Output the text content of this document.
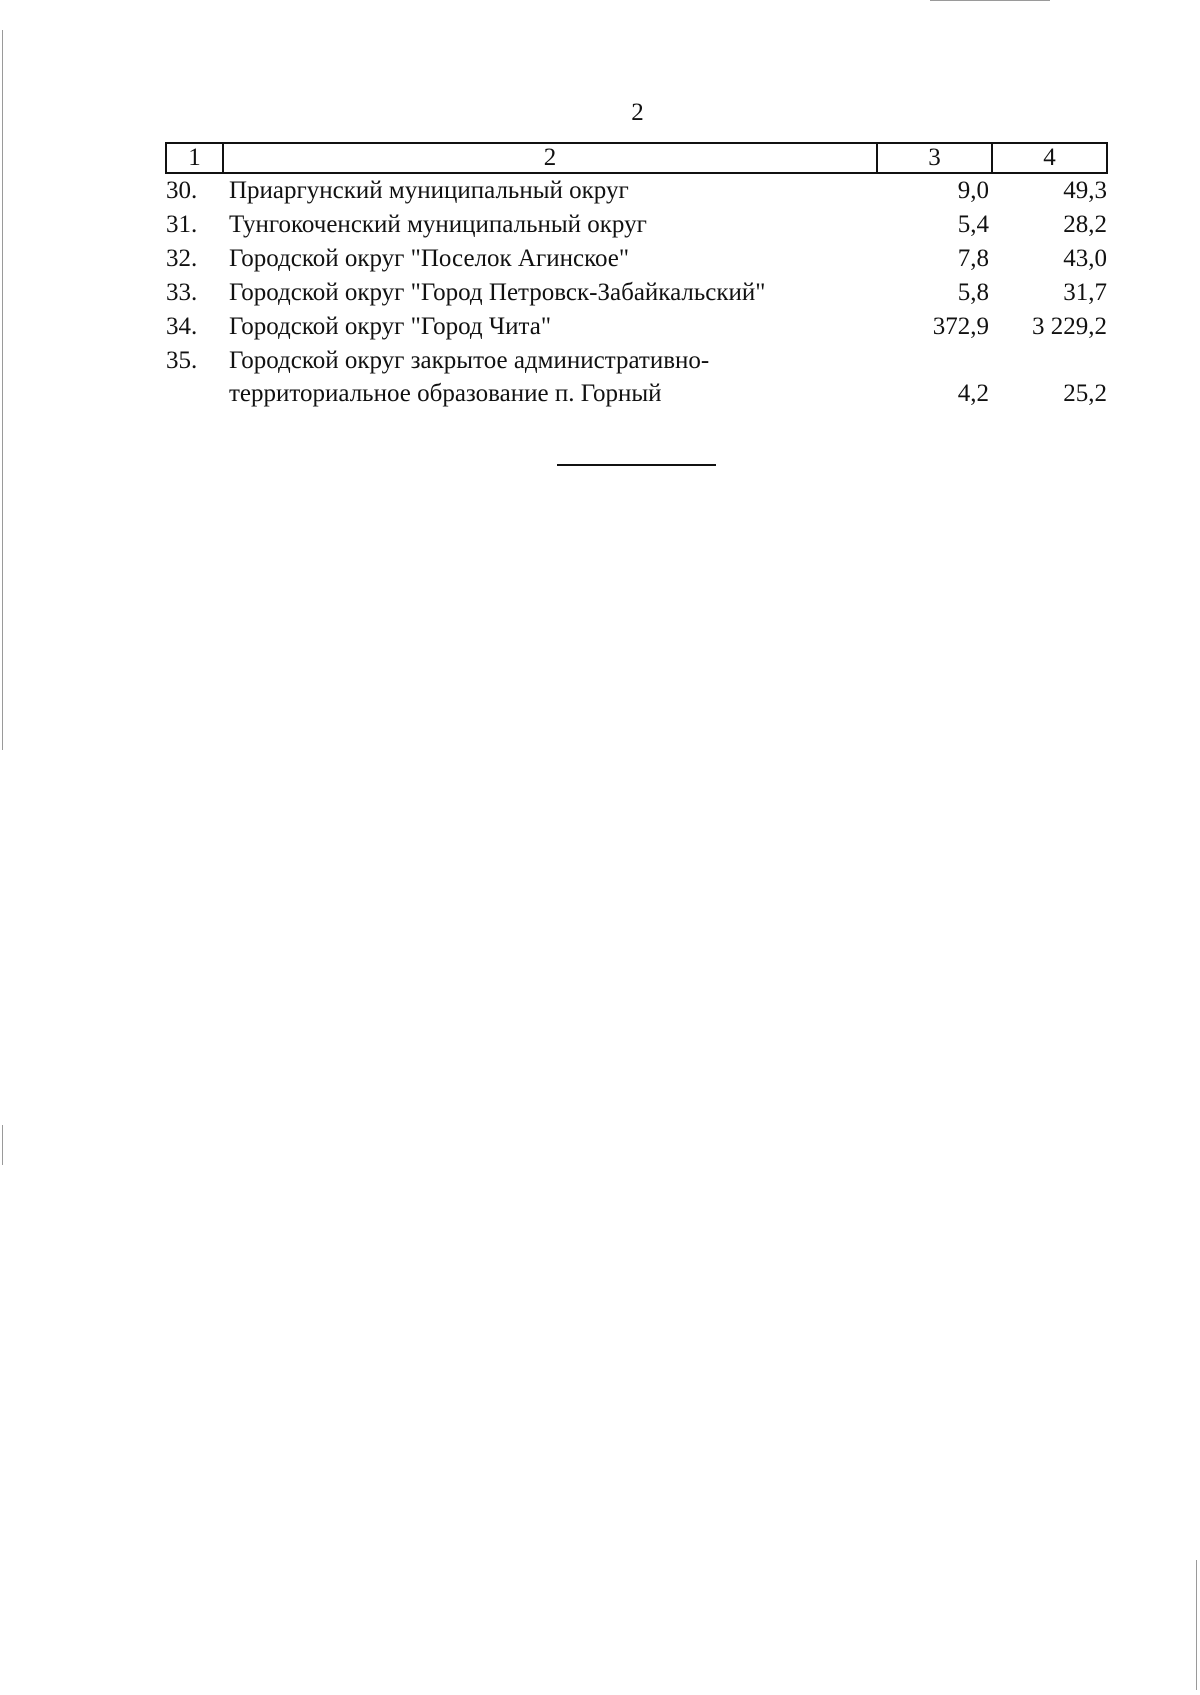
2
1	2	3	4
30.	Приаргунский муниципальный округ	9,0	49,3
31.	Тунгокоченский муниципальный округ	5,4	28,2
32.	Городской округ "Поселок Агинское"	7,8	43,0
33.	Городской округ "Город Петровск-Забайкальский"	5,8	31,7
34.	Городской округ "Город Чита"	372,9	3 229,2
35.	Городской округ закрытое административно-
территориальное образование п. Горный	4,2	25,2
